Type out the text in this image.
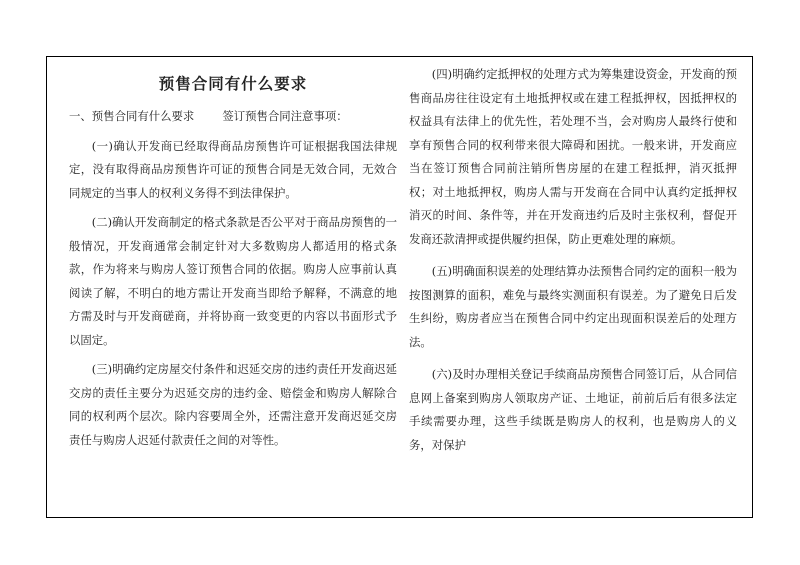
预售合同有什么要求
一、预售合同有什么要求 签订预售合同注意事项：

(一)确认开发商已经取得商品房预售许可证根据我国法律规定，没有取得商品房预售许可证的预售合同是无效合同，无效合同规定的当事人的权利义务得不到法律保护。

(二)确认开发商制定的格式条款是否公平对于商品房预售的一般情况，开发商通常会制定针对大多数购房人都适用的格式条款，作为将来与购房人签订预售合同的依据。购房人应事前认真阅读了解，不明白的地方需让开发商当即给予解释，不满意的地方需及时与开发商磋商，并将协商一致变更的内容以书面形式予以固定。

(三)明确约定房屋交付条件和迟延交房的违约责任开发商迟延交房的责任主要分为迟延交房的违约金、赔偿金和购房人解除合同的权利两个层次。除内容要周全外，还需注意开发商迟延交房责任与购房人迟延付款责任之间的对等性。

(四)明确约定抵押权的处理方式为筹集建设资金，开发商的预售商品房往往设定有土地抵押权或在建工程抵押权，因抵押权的权益具有法律上的优先性，若处理不当，会对购房人最终行使和享有预售合同的权利带来很大障碍和困扰。一般来讲，开发商应当在签订预售合同前注销所售房屋的在建工程抵押，消灭抵押权；对土地抵押权，购房人需与开发商在合同中认真约定抵押权消灭的时间、条件等，并在开发商违约后及时主张权利，督促开发商还款清押或提供履约担保，防止更难处理的麻烦。

(五)明确面积误差的处理结算办法预售合同约定的面积一般为按图测算的面积，难免与最终实测面积有误差。为了避免日后发生纠纷，购房者应当在预售合同中约定出现面积误差后的处理方法。

(六)及时办理相关登记手续商品房预售合同签订后，从合同信息网上备案到购房人领取房产证、土地证，前前后后有很多法定手续需要办理，这些手续既是购房人的权利，也是购房人的义务，对保护
